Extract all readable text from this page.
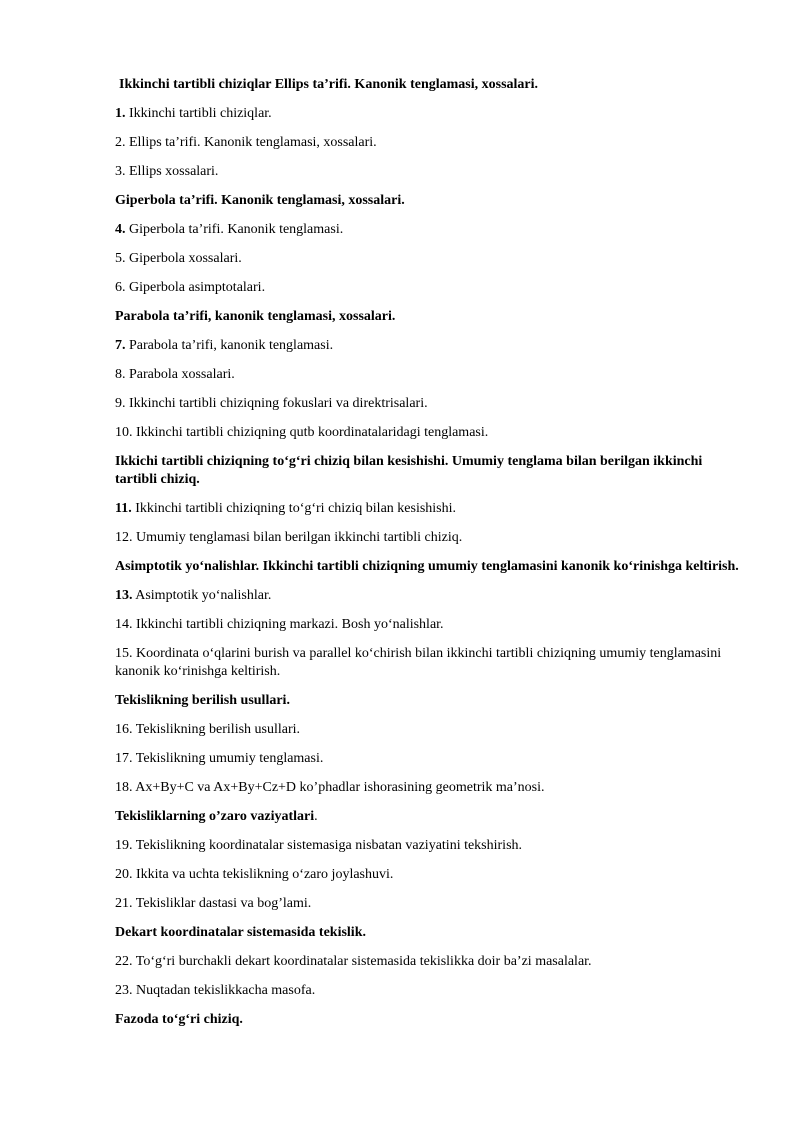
Ikkinchi tartibli chiziqlar Ellips ta’rifi. Kanonik tenglamasi, xossalari.
1. Ikkinchi tartibli chiziqlar.
2. Ellips ta’rifi. Kanonik tenglamasi, xossalari.
3. Ellips xossalari.
Giperbola ta’rifi. Kanonik tenglamasi, xossalari.
4. Giperbola ta’rifi. Kanonik tenglamasi.
5. Giperbola xossalari.
6. Giperbola asimptotalari.
Parabola ta’rifi, kanonik tenglamasi, xossalari.
7. Parabola ta’rifi, kanonik tenglamasi.
8. Parabola xossalari.
9. Ikkinchi tartibli chiziqning fokuslari va direktrisalari.
10. Ikkinchi tartibli chiziqning qutb koordinatalaridagi tenglamasi.
Ikkichi tartibli chiziqning to‘g‘ri chiziq bilan kesishishi. Umumiy tenglama bilan berilgan ikkinchi tartibli chiziq.
11. Ikkinchi tartibli chiziqning to‘g‘ri chiziq bilan kesishishi.
12. Umumiy tenglamasi bilan berilgan ikkinchi tartibli chiziq.
Asimptotik yo‘nalishlar. Ikkinchi tartibli chiziqning umumiy tenglamasini kanonik ko‘rinishga keltirish.
13. Asimptotik yo‘nalishlar.
14. Ikkinchi tartibli chiziqning markazi. Bosh yo‘nalishlar.
15. Koordinata o‘qlarini burish va parallel ko‘chirish bilan ikkinchi tartibli chiziqning umumiy tenglamasini kanonik ko‘rinishga keltirish.
Tekislikning berilish usullari.
16. Tekislikning berilish usullari.
17. Tekislikning umumiy tenglamasi.
18. Ax+By+C va Ax+By+Cz+D ko’phadlar ishorasining geometrik ma’nosi.
Tekisliklarning o’zaro vaziyatlari.
19. Tekislikning koordinatalar sistemasiga nisbatan vaziyatini tekshirish.
20. Ikkita va uchta tekislikning o‘zaro joylashuvi.
21. Tekisliklar dastasi va bog’lami.
Dekart koordinatalar sistemasida tekislik.
22. To‘g‘ri burchakli dekart koordinatalar sistemasida tekislikka doir ba’zi masalalar.
23. Nuqtadan tekislikkacha masofa.
Fazoda to‘g‘ri chiziq.
